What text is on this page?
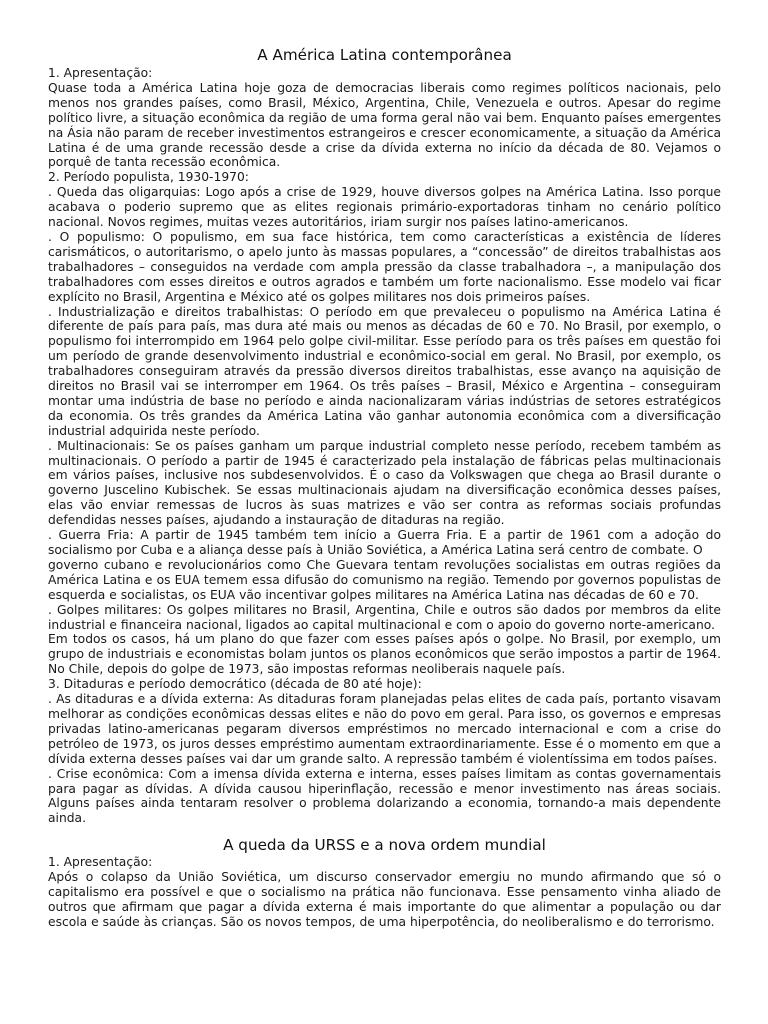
A América Latina contemporânea
1. Apresentação:

Quase toda a América Latina hoje goza de democracias liberais como regimes políticos nacionais, pelo menos nos grandes países, como Brasil, México, Argentina, Chile, Venezuela e outros. Apesar do regime político livre, a situação econômica da região de uma forma geral não vai bem. Enquanto países emergentes na Ásia não param de receber investimentos estrangeiros e crescer economicamente, a situação da América Latina é de uma grande recessão desde a crise da dívida externa no início da década de 80. Vejamos o porquê de tanta recessão econômica.

2. Período populista, 1930-1970:

. Queda das oligarquias: Logo após a crise de 1929, houve diversos golpes na América Latina. Isso porque acabava o poderio supremo que as elites regionais primário-exportadoras tinham no cenário político nacional. Novos regimes, muitas vezes autoritários, iriam surgir nos países latino-americanos.

. O populismo: O populismo, em sua face histórica, tem como características a existência de líderes carismáticos, o autoritarismo, o apelo junto às massas populares, a “concessão” de direitos trabalhistas aos trabalhadores – conseguidos na verdade com ampla pressão da classe trabalhadora –, a manipulação dos trabalhadores com esses direitos e outros agrados e também um forte nacionalismo. Esse modelo vai ficar explícito no Brasil, Argentina e México até os golpes militares nos dois primeiros países.

. Industrialização e direitos trabalhistas: O período em que prevaleceu o populismo na América Latina é diferente de país para país, mas dura até mais ou menos as décadas de 60 e 70. No Brasil, por exemplo, o populismo foi interrompido em 1964 pelo golpe civil-militar. Esse período para os três países em questão foi um período de grande desenvolvimento industrial e econômico-social em geral. No Brasil, por exemplo, os trabalhadores conseguiram através da pressão diversos direitos trabalhistas, esse avanço na aquisição de direitos no Brasil vai se interromper em 1964. Os três países – Brasil, México e Argentina – conseguiram montar uma indústria de base no período e ainda nacionalizaram várias indústrias de setores estratégicos da economia. Os três grandes da América Latina vão ganhar autonomia econômica com a diversificação industrial adquirida neste período.

. Multinacionais: Se os países ganham um parque industrial completo nesse período, recebem também as multinacionais. O período a partir de 1945 é caracterizado pela instalação de fábricas pelas multinacionais em vários países, inclusive nos subdesenvolvidos. É o caso da Volkswagen que chega ao Brasil durante o governo Juscelino Kubischek. Se essas multinacionais ajudam na diversificação econômica desses países, elas vão enviar remessas de lucros às suas matrizes e vão ser contra as reformas sociais profundas defendidas nesses países, ajudando a instauração de ditaduras na região.

. Guerra Fria: A partir de 1945 também tem início a Guerra Fria. E a partir de 1961 com a adoção do socialismo por Cuba e a aliança desse país à União Soviética, a América Latina será centro de combate. O

governo cubano e revolucionários como Che Guevara tentam revoluções socialistas em outras regiões da América Latina e os EUA temem essa difusão do comunismo na região. Temendo por governos populistas de esquerda e socialistas, os EUA vão incentivar golpes militares na América Latina nas décadas de 60 e 70.

. Golpes militares: Os golpes militares no Brasil, Argentina, Chile e outros são dados por membros da elite industrial e financeira nacional, ligados ao capital multinacional e com o apoio do governo norte-americano.

Em todos os casos, há um plano do que fazer com esses países após o golpe. No Brasil, por exemplo, um grupo de industriais e economistas bolam juntos os planos econômicos que serão impostos a partir de 1964. No Chile, depois do golpe de 1973, são impostas reformas neoliberais naquele país.

3. Ditaduras e período democrático (década de 80 até hoje):

. As ditaduras e a dívida externa: As ditaduras foram planejadas pelas elites de cada país, portanto visavam melhorar as condições econômicas dessas elites e não do povo em geral. Para isso, os governos e empresas privadas latino-americanas pegaram diversos empréstimos no mercado internacional e com a crise do petróleo de 1973, os juros desses empréstimo aumentam extraordinariamente. Esse é o momento em que a dívida externa desses países vai dar um grande salto. A repressão também é violentíssima em todos países.

. Crise econômica: Com a imensa dívida externa e interna, esses países limitam as contas governamentais para pagar as dívidas. A dívida causou hiperinflação, recessão e menor investimento nas áreas sociais. Alguns países ainda tentaram resolver o problema dolarizando a economia, tornando-a mais dependente ainda.

A queda da URSS e a nova ordem mundial
1. Apresentação:

Após o colapso da União Soviética, um discurso conservador emergiu no mundo afirmando que só o capitalismo era possível e que o socialismo na prática não funcionava. Esse pensamento vinha aliado de outros que afirmam que pagar a dívida externa é mais importante do que alimentar a população ou dar escola e saúde às crianças. São os novos tempos, de uma hiperpotência, do neoliberalismo e do terrorismo.
